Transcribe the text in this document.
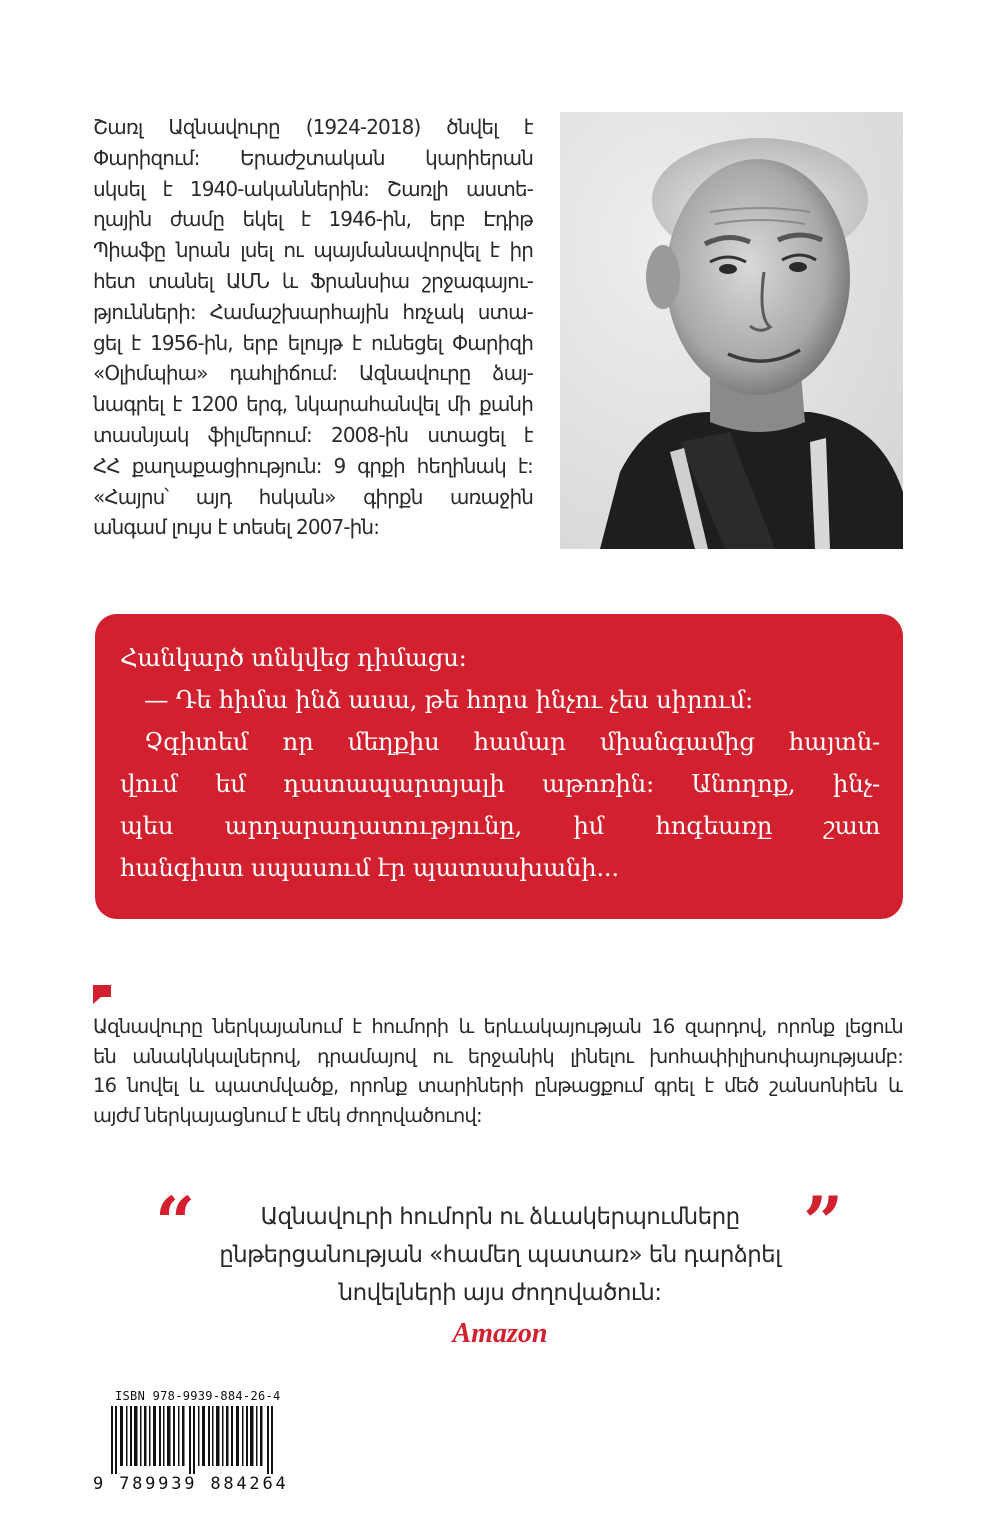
Շառլ Ազնավուրը (1924-2018) ծնվել է
Փարիզում: Երաժշտական կարիերան
սկսել է 1940-ականներին: Շառլի աստե-
ղային ժամը եկել է 1946-ին, երբ Էդիթ
Պիաֆը նրան լսել ու պայմանավորվել է իր
հետ տանել ԱՄՆ և Ֆրանսիա շրջագայու-
թյունների: Համաշխարհային հռչակ ստա-
ցել է 1956-ին, երբ ելույթ է ունեցել Փարիզի
«Օլիմպիա» դահլիճում: Ազնավուրը ձայ-
նագրել է 1200 երգ, նկարահանվել մի քանի
տասնյակ ֆիլմերում: 2008-ին ստացել է
ՀՀ քաղաքացիություն: 9 գրքի հեղինակ է:
«Հայրս՝ այդ հսկան» գիրքն առաջին
անգամ լույս է տեսել 2007-ին:
Հանկարծ տնկվեց դիմացս:
— Դե հիմա ինձ ասա, թե հորս ինչու չես սիրում:
Չգիտեմ որ մեղքիս համար միանգամից հայտն-
վում եմ դատապարտյալի աթոռին: Անողոք, ինչ-
պես արդարադատությունը, իմ հոգեառը շատ
հանգիստ սպասում էր պատասխանի...
Ազնավուրը ներկայանում է հումորի և երևակայության 16 զարդով, որոնք լեցուն
են անակնկալներով, դրամայով ու երջանիկ լինելու խոհափիլիսոփայությամբ:
16 նովել և պատմվածք, որոնք տարիների ընթացքում գրել է մեծ շանսոնիեն և
այժմ ներկայացնում է մեկ ժողովածուով:
“	”
Ազնավուրի հումորն ու ձևակերպումները
ընթերցանության «համեղ պատառ» են դարձրել
նովելների այս ժողովածուն:
Amazon
ISBN 978-9939-884-26-4
9 789939 884264
